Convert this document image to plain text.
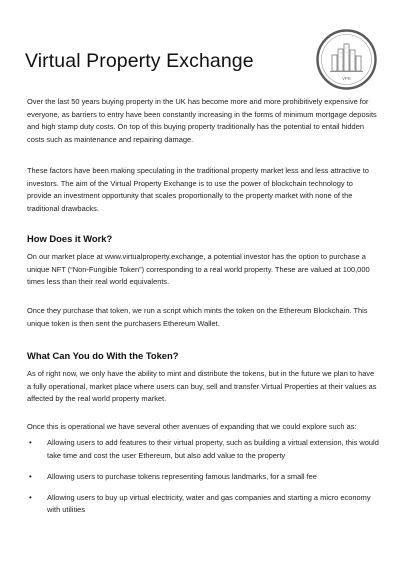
Virtual Property Exchange
VPE

Over the last 50 years buying property in the UK has become more and more prohibitively expensive for everyone, as barriers to entry have been constantly increasing in the forms of minimum mortgage deposits and high stamp duty costs. On top of this buying property traditionally has the potential to entail hidden costs such as maintenance and repairing damage.

These factors have been making speculating in the traditional property market less and less attractive to investors. The aim of the Virtual Property Exchange is to use the power of blockchain technology to provide an investment opportunity that scales proportionally to the property market with none of the traditional drawbacks.

How Does it Work?

On our market place at www.virtualproperty.exchange, a potential investor has the option to purchase a unique NFT (“Non-Fungible Token”) corresponding to a real world property. These are valued at 100,000 times less than their real world equivalents.

Once they purchase that token, we run a script which mints the token on the Ethereum Blockchain. This unique token is then sent the purchasers Ethereum Wallet.

What Can You do With the Token?

As of right now, we only have the ability to mint and distribute the tokens, but in the future we plan to have a fully operational, market place where users can buy, sell and transfer Virtual Properties at their values as affected by the real world property market.

Once this is operational we have several other avenues of expanding that we could explore such as:

• Allowing users to add features to their virtual property, such as building a virtual extension, this would take time and cost the user Ethereum, but also add value to the property
• Allowing users to purchase tokens representing famous landmarks, for a small fee
• Allowing users to buy up virtual electricity, water and gas companies and starting a micro economy with utilities
